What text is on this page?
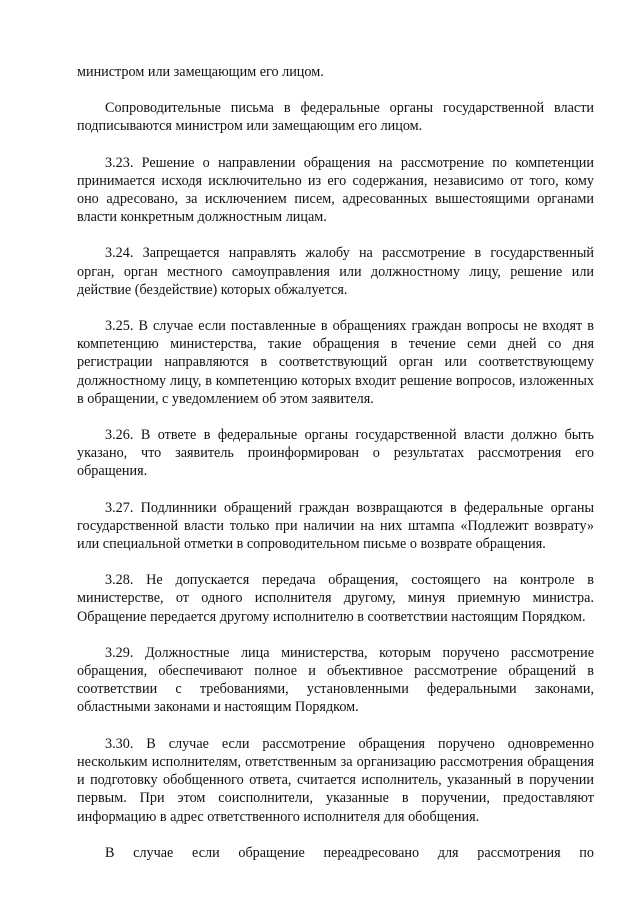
министром или замещающим его лицом.

Сопроводительные письма в федеральные органы государственной власти подписываются министром или замещающим его лицом.

3.23. Решение о направлении обращения на рассмотрение по компетенции принимается исходя исключительно из его содержания, независимо от того, кому оно адресовано, за исключением писем, адресованных вышестоящими органами власти конкретным должностным лицам.

3.24. Запрещается направлять жалобу на рассмотрение в государственный орган, орган местного самоуправления или должностному лицу, решение или действие (бездействие) которых обжалуется.

3.25. В случае если поставленные в обращениях граждан вопросы не входят в компетенцию министерства, такие обращения в течение семи дней со дня регистрации направляются в соответствующий орган или соответствующему должностному лицу, в компетенцию которых входит решение вопросов, изложенных в обращении, с уведомлением об этом заявителя.

3.26. В ответе в федеральные органы государственной власти должно быть указано, что заявитель проинформирован о результатах рассмотрения его обращения.

3.27. Подлинники обращений граждан возвращаются в федеральные органы государственной власти только при наличии на них штампа «Подлежит возврату» или специальной отметки в сопроводительном письме о возврате обращения.

3.28. Не допускается передача обращения, состоящего на контроле в министерстве, от одного исполнителя другому, минуя приемную министра. Обращение передается другому исполнителю в соответствии настоящим Порядком.

3.29. Должностные лица министерства, которым поручено рассмотрение обращения, обеспечивают полное и объективное рассмотрение обращений в соответствии с требованиями, установленными федеральными законами, областными законами и настоящим Порядком.

3.30. В случае если рассмотрение обращения поручено одновременно нескольким исполнителям, ответственным за организацию рассмотрения обращения и подготовку обобщенного ответа, считается исполнитель, указанный в поручении первым. При этом соисполнители, указанные в поручении, предоставляют информацию в адрес ответственного исполнителя для обобщения.

В случае если обращение переадресовано для рассмотрения по
